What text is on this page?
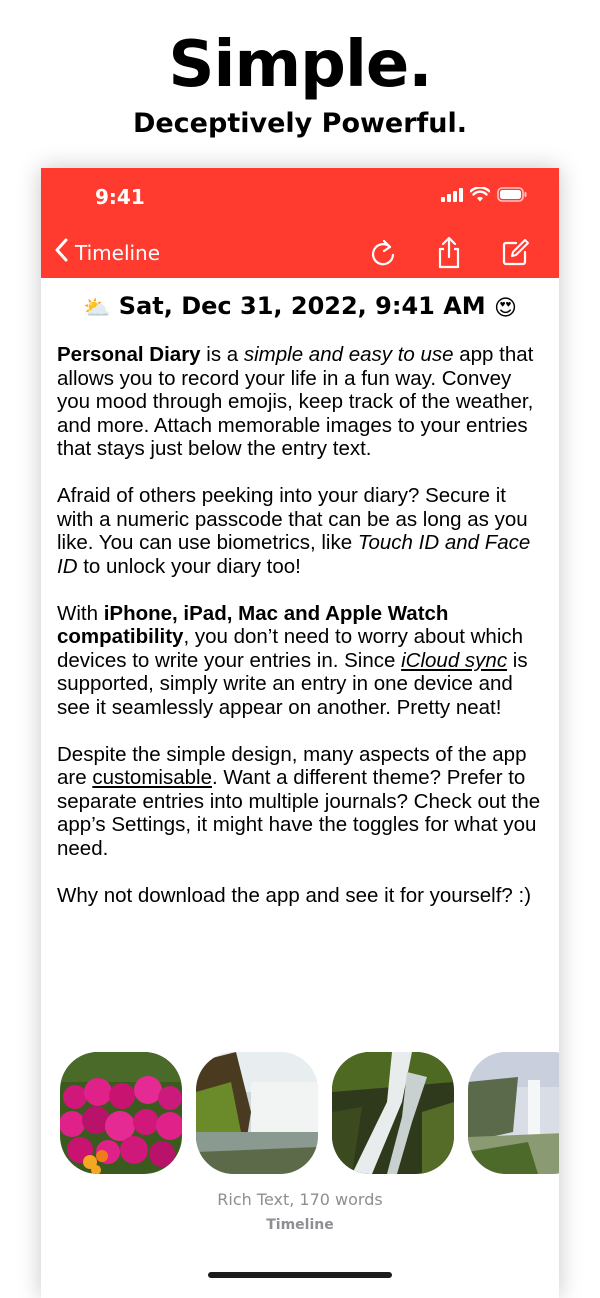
Simple.
Deceptively Powerful.
9:41
Timeline
⛅ Sat, Dec 31, 2022, 9:41 AM 😍

Personal Diary is a simple and easy to use app that allows you to record your life in a fun way. Convey you mood through emojis, keep track of the weather, and more. Attach memorable images to your entries that stays just below the entry text.

Afraid of others peeking into your diary? Secure it with a numeric passcode that can be as long as you like. You can use biometrics, like Touch ID and Face ID to unlock your diary too!

With iPhone, iPad, Mac and Apple Watch compatibility, you don’t need to worry about which devices to write your entries in. Since iCloud sync is supported, simply write an entry in one device and see it seamlessly appear on another. Pretty neat!

Despite the simple design, many aspects of the app are customisable. Want a different theme? Prefer to separate entries into multiple journals? Check out the app’s Settings, it might have the toggles for what you need.

Why not download the app and see it for yourself? :)

Rich Text, 170 words
Timeline
